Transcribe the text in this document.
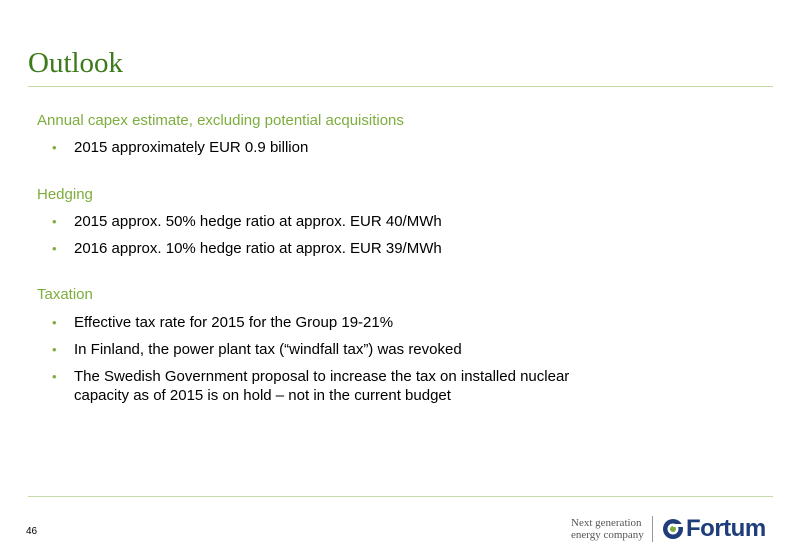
Outlook

Annual capex estimate, excluding potential acquisitions

• 2015 approximately EUR 0.9 billion

Hedging

• 2015 approx. 50% hedge ratio at approx. EUR 40/MWh
• 2016 approx. 10% hedge ratio at approx. EUR 39/MWh

Taxation

• Effective tax rate for 2015 for the Group 19-21%
• In Finland, the power plant tax (“windfall tax”) was revoked
• The Swedish Government proposal to increase the tax on installed nuclear capacity as of 2015 is on hold – not in the current budget
46
Next generation
energy company Fortum
